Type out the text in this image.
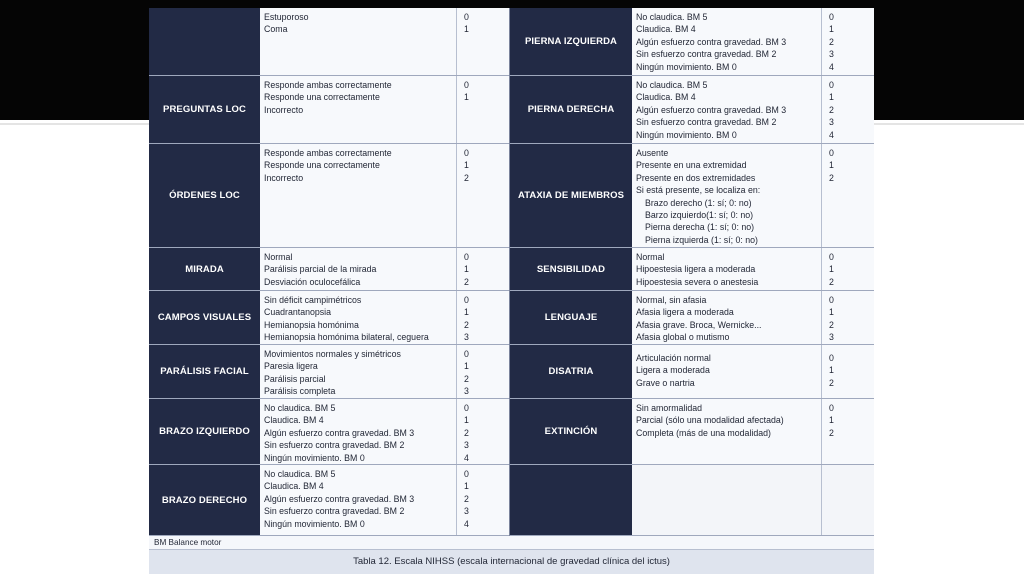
Estuporoso
Coma
0
1
PREGUNTAS LOC
Responde ambas correctamente
Responde una correctamente
Incorrecto
0
1
ÓRDENES LOC
Responde ambas correctamente
Responde una correctamente
Incorrecto
0
1
2
MIRADA
Normal
Parálisis parcial de la mirada
Desviación oculocefálica
0
1
2
CAMPOS VISUALES
Sin déficit campimétricos
Cuadrantanopsia
Hemianopsia homónima
Hemianopsia homónima bilateral, ceguera
0
1
2
3
PARÁLISIS FACIAL
Movimientos normales y simétricos
Paresia ligera
Parálisis parcial
Parálisis completa
0
1
2
3
BRAZO IZQUIERDO
No claudica. BM 5
Claudica. BM 4
Algún esfuerzo contra gravedad. BM 3
Sin esfuerzo contra gravedad. BM 2
Ningún movimiento. BM 0
0
1
2
3
4
BRAZO DERECHO
No claudica. BM 5
Claudica. BM 4
Algún esfuerzo contra gravedad. BM 3
Sin esfuerzo contra gravedad. BM 2
Ningún movimiento. BM 0
0
1
2
3
4
PIERNA IZQUIERDA
No claudica. BM 5
Claudica. BM 4
Algún esfuerzo contra gravedad. BM 3
Sin esfuerzo contra gravedad. BM 2
Ningún movimiento. BM 0
0
1
2
3
4
PIERNA DERECHA
No claudica. BM 5
Claudica. BM 4
Algún esfuerzo contra gravedad. BM 3
Sin esfuerzo contra gravedad. BM 2
Ningún movimiento. BM 0
0
1
2
3
4
ATAXIA DE MIEMBROS
Ausente
Presente en una extremidad
Presente en dos extremidades
Si está presente, se localiza en:
Brazo derecho (1: sí; 0: no)
Barzo izquierdo(1: sí; 0: no)
Pierna derecha (1: sí; 0: no)
Pierna izquierda (1: sí; 0: no)
0
1
2
SENSIBILIDAD
Normal
Hipoestesia ligera a moderada
Hipoestesia severa o anestesia
0
1
2
LENGUAJE
Normal, sin afasia
Afasia ligera a moderada
Afasia grave. Broca, Wernicke...
Afasia global o mutismo
0
1
2
3
DISATRIA
Articulación normal
Ligera a moderada
Grave o nartria
0
1
2
EXTINCIÓN
Sin amormalidad
Parcial (sólo una modalidad afectada)
Completa (más de una modalidad)
0
1
2
BM Balance motor
Tabla 12. Escala NIHSS (escala internacional de gravedad clínica del ictus)
